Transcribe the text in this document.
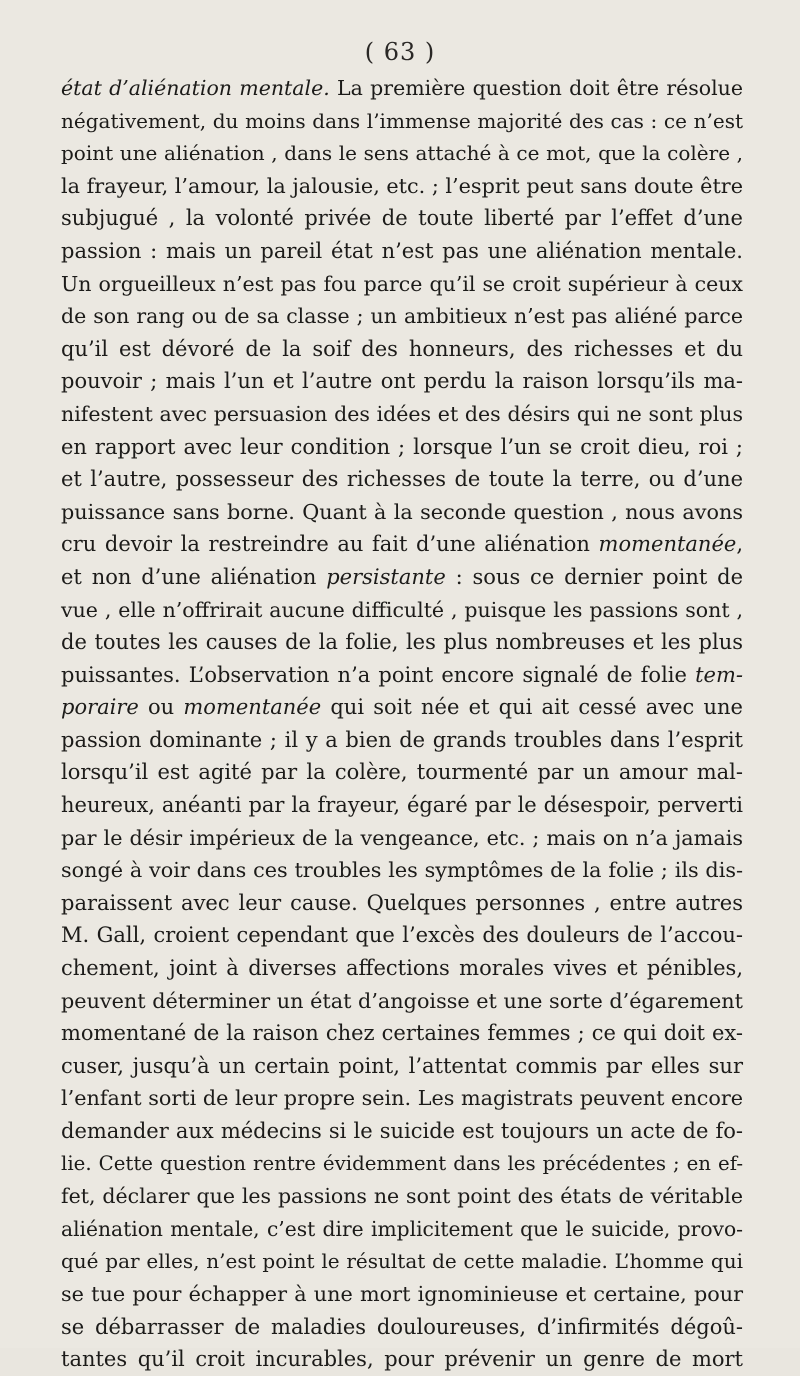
( 63 )
état d’aliénation mentale. La première question doit être résolue
négativement, du moins dans l’immense majorité des cas : ce n’est
point une aliénation , dans le sens attaché à ce mot, que la colère ,
la frayeur, l’amour, la jalousie, etc. ; l’esprit peut sans doute être
subjugué , la volonté privée de toute liberté par l’effet d’une
passion : mais un pareil état n’est pas une aliénation mentale.
Un orgueilleux n’est pas fou parce qu’il se croit supérieur à ceux
de son rang ou de sa classe ; un ambitieux n’est pas aliéné parce
qu’il est dévoré de la soif des honneurs, des richesses et du
pouvoir ; mais l’un et l’autre ont perdu la raison lorsqu’ils ma-
nifestent avec persuasion des idées et des désirs qui ne sont plus
en rapport avec leur condition ; lorsque l’un se croit dieu, roi ;
et l’autre, possesseur des richesses de toute la terre, ou d’une
puissance sans borne. Quant à la seconde question , nous avons
cru devoir la restreindre au fait d’une aliénation momentanée,
et non d’une aliénation persistante : sous ce dernier point de
vue , elle n’offrirait aucune difficulté , puisque les passions sont ,
de toutes les causes de la folie, les plus nombreuses et les plus
puissantes. L’observation n’a point encore signalé de folie tem-
poraire ou momentanée qui soit née et qui ait cessé avec une
passion dominante ; il y a bien de grands troubles dans l’esprit
lorsqu’il est agité par la colère, tourmenté par un amour mal-
heureux, anéanti par la frayeur, égaré par le désespoir, perverti
par le désir impérieux de la vengeance, etc. ; mais on n’a jamais
songé à voir dans ces troubles les symptômes de la folie ; ils dis-
paraissent avec leur cause. Quelques personnes , entre autres
M. Gall, croient cependant que l’excès des douleurs de l’accou-
chement, joint à diverses affections morales vives et pénibles,
peuvent déterminer un état d’angoisse et une sorte d’égarement
momentané de la raison chez certaines femmes ; ce qui doit ex-
cuser, jusqu’à un certain point, l’attentat commis par elles sur
l’enfant sorti de leur propre sein. Les magistrats peuvent encore
demander aux médecins si le suicide est toujours un acte de fo-
lie. Cette question rentre évidemment dans les précédentes ; en ef-
fet, déclarer que les passions ne sont point des états de véritable
aliénation mentale, c’est dire implicitement que le suicide, provo-
qué par elles, n’est point le résultat de cette maladie. L’homme qui
se tue pour échapper à une mort ignominieuse et certaine, pour
se débarrasser de maladies douloureuses, d’infirmités dégoû-
tantes qu’il croit incurables, pour prévenir un genre de mort
